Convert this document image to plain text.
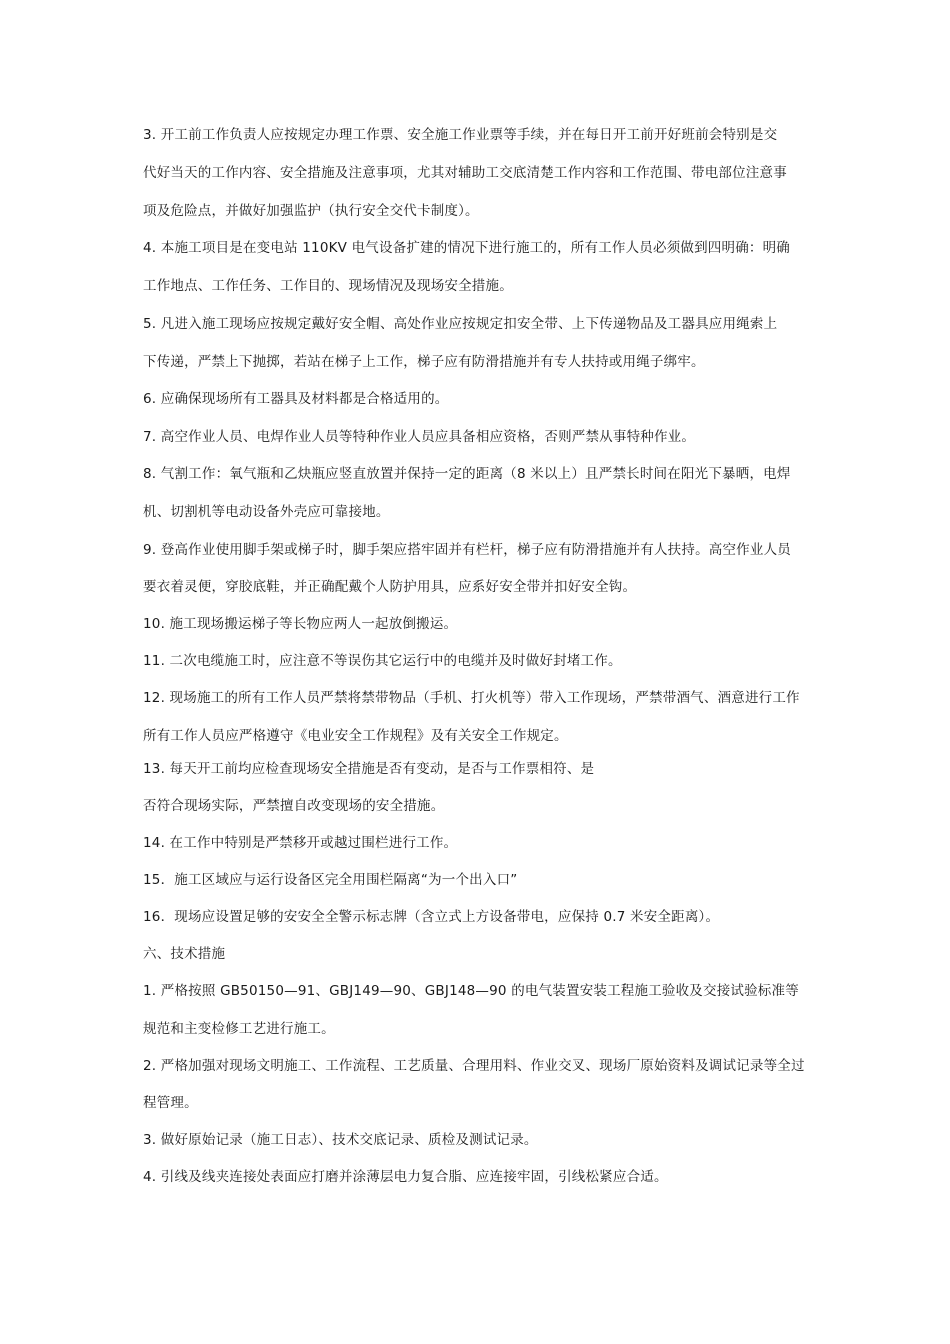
3. 开工前工作负责人应按规定办理工作票、安全施工作业票等手续，并在每日开工前开好班前会特别是交
代好当天的工作内容、安全措施及注意事项，尤其对辅助工交底清楚工作内容和工作范围、带电部位注意事
项及危险点，并做好加强监护（执行安全交代卡制度）。
4. 本施工项目是在变电站 110KV 电气设备扩建的情况下进行施工的，所有工作人员必须做到四明确：明确
工作地点、工作任务、工作目的、现场情况及现场安全措施。
5. 凡进入施工现场应按规定戴好安全帽、高处作业应按规定扣安全带、上下传递物品及工器具应用绳索上
下传递，严禁上下抛掷，若站在梯子上工作，梯子应有防滑措施并有专人扶持或用绳子绑牢。
6. 应确保现场所有工器具及材料都是合格适用的。
7. 高空作业人员、电焊作业人员等特种作业人员应具备相应资格，否则严禁从事特种作业。
8. 气割工作：氧气瓶和乙炔瓶应竖直放置并保持一定的距离（8 米以上）且严禁长时间在阳光下暴晒，电焊
机、切割机等电动设备外壳应可靠接地。
9. 登高作业使用脚手架或梯子时，脚手架应搭牢固并有栏杆，梯子应有防滑措施并有人扶持。高空作业人员
要衣着灵便，穿胶底鞋，并正确配戴个人防护用具，应系好安全带并扣好安全钩。
10. 施工现场搬运梯子等长物应两人一起放倒搬运。
11. 二次电缆施工时，应注意不等误伤其它运行中的电缆并及时做好封堵工作。
12. 现场施工的所有工作人员严禁将禁带物品（手机、打火机等）带入工作现场，严禁带酒气、酒意进行工作
所有工作人员应严格遵守《电业安全工作规程》及有关安全工作规定。
13. 每天开工前均应检查现场安全措施是否有变动，是否与工作票相符、是
否符合现场实际，严禁擅自改变现场的安全措施。
14. 在工作中特别是严禁移开或越过围栏进行工作。
15．施工区域应与运行设备区完全用围栏隔离“为一个出入口”
16．现场应设置足够的安安全全警示标志牌（含立式上方设备带电，应保持 0.7 米安全距离）。
六、技术措施
1. 严格按照 GB50150—91、GBJ149—90、GBJ148—90 的电气装置安装工程施工验收及交接试验标准等
规范和主变检修工艺进行施工。
2. 严格加强对现场文明施工、工作流程、工艺质量、合理用料、作业交叉、现场厂原始资料及调试记录等全过
程管理。
3. 做好原始记录（施工日志）、技术交底记录、质检及测试记录。
4. 引线及线夹连接处表面应打磨并涂薄层电力复合脂、应连接牢固，引线松紧应合适。
